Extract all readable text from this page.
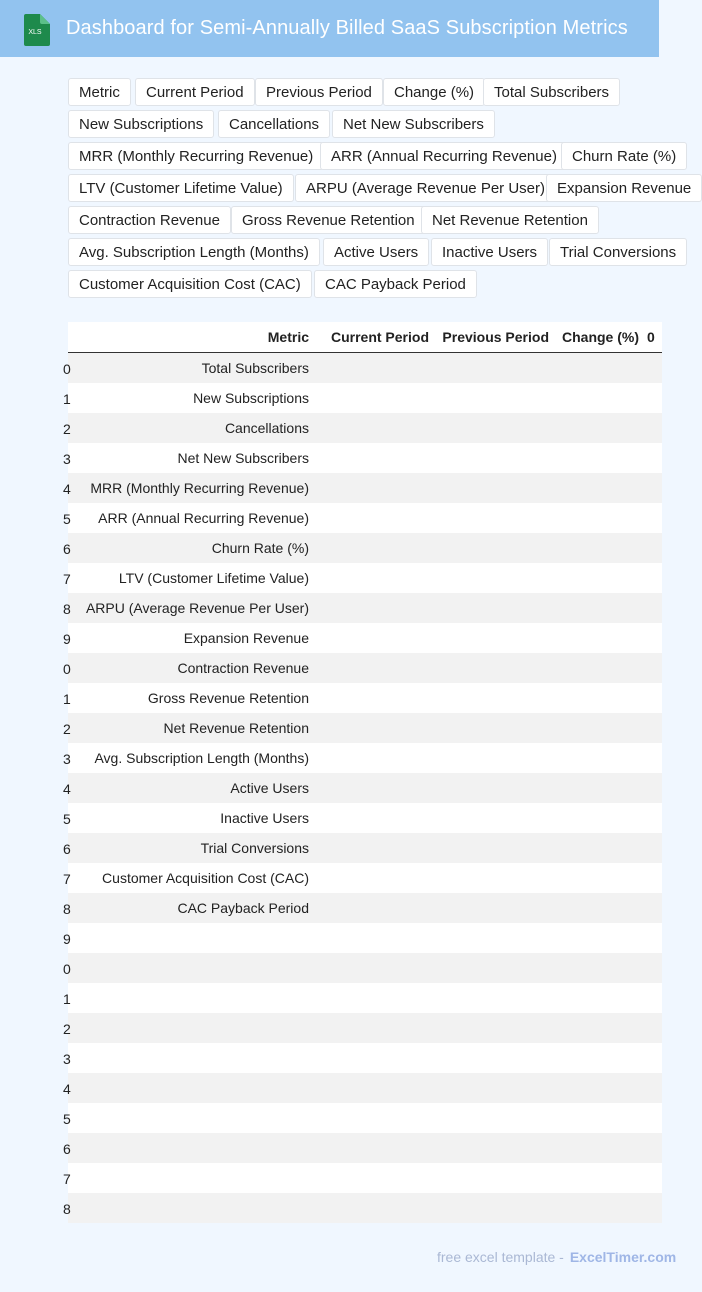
XLS Dashboard for Semi-Annually Billed SaaS Subscription Metrics
Metric	Current Period	Previous Period	Change (%)	Total Subscribers
New Subscriptions	Cancellations	Net New Subscribers
MRR (Monthly Recurring Revenue)	ARR (Annual Recurring Revenue)	Churn Rate (%)
LTV (Customer Lifetime Value)	ARPU (Average Revenue Per User) Expansion Revenue
Contraction Revenue	Gross Revenue Retention	Net Revenue Retention
Avg. Subscription Length (Months)	Active Users	Inactive Users	Trial Conversions
Customer Acquisition Cost (CAC)	CAC Payback Period
	Metric	Current Period	Previous Period	Change (%)	0

0	Total Subscribers				

1	New Subscriptions				

2	Cancellations				

3	Net New Subscribers				

4	MRR (Monthly Recurring Revenue)				

5	ARR (Annual Recurring Revenue)				

6	Churn Rate (%)				

7	LTV (Customer Lifetime Value)				

8	ARPU (Average Revenue Per User)				

9	Expansion Revenue				

0	Contraction Revenue				

1	Gross Revenue Retention				

2	Net Revenue Retention				

3	Avg. Subscription Length (Months)				

4	Active Users				

5	Inactive Users				

6	Trial Conversions				

7	Customer Acquisition Cost (CAC)				

8	CAC Payback Period				

9				

0				

1				

2				

3				

4				

5				

6				

7				

8				

free excel template - ExcelTimer.com
